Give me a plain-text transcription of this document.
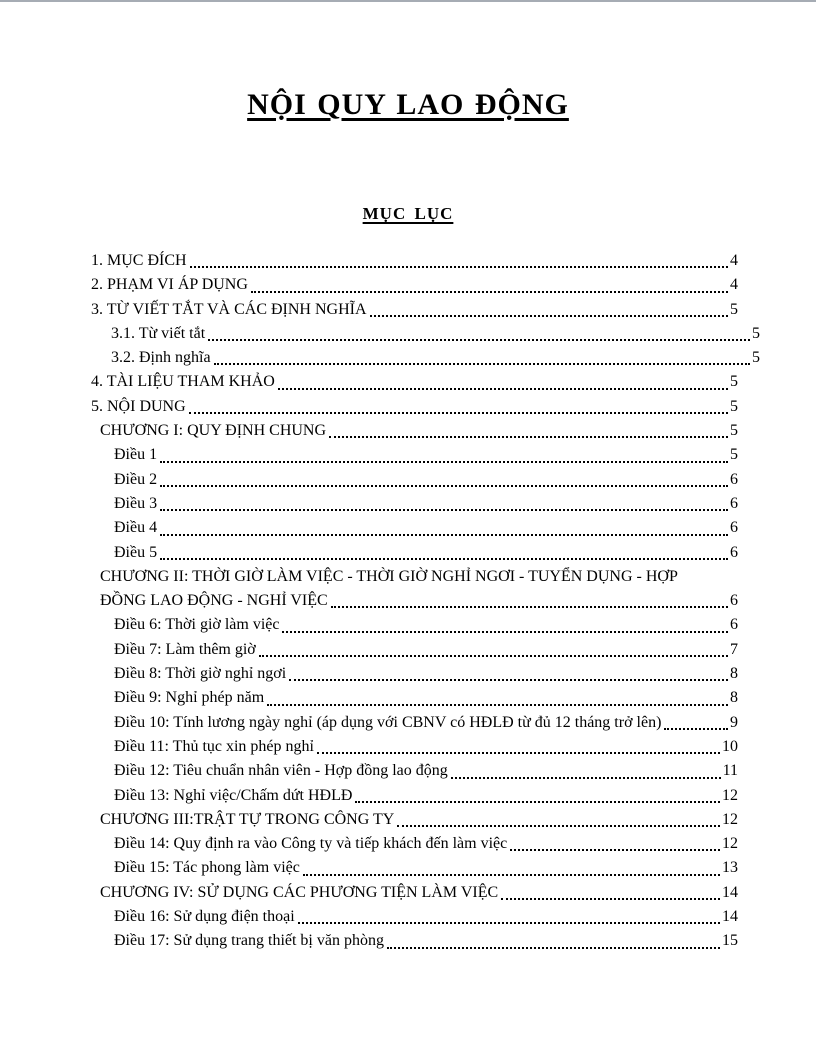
NỘI QUY LAO ĐỘNG
MỤC LỤC
1. MỤC ĐÍCH	4
2. PHẠM VI ÁP DỤNG	4
3. TỪ VIẾT TẮT VÀ CÁC ĐỊNH NGHĨA	5
3.1. Từ viết tắt	5
3.2. Định nghĩa	5
4. TÀI LIỆU THAM KHẢO	5
5. NỘI DUNG	5
CHƯƠNG I: QUY ĐỊNH CHUNG	5
Điều 1	5
Điều 2	6
Điều 3	6
Điều 4	6
Điều 5	6
CHƯƠNG II: THỜI GIỜ LÀM VIỆC - THỜI GIỜ NGHỈ NGƠI - TUYỂN DỤNG - HỢP
ĐỒNG LAO ĐỘNG - NGHỈ VIỆC	6
Điều 6: Thời giờ làm việc	6
Điều 7: Làm thêm giờ	7
Điều 8: Thời giờ nghỉ ngơi	8
Điều 9: Nghỉ phép năm	8
Điều 10: Tính lương ngày nghỉ (áp dụng với CBNV có HĐLĐ từ đủ 12 tháng trở lên)	9
Điều 11: Thủ tục xin phép nghỉ	10
Điều 12: Tiêu chuẩn nhân viên - Hợp đồng lao động	11
Điều 13: Nghỉ việc/Chấm dứt HĐLĐ	12
CHƯƠNG III:TRẬT TỰ TRONG CÔNG TY	12
Điều 14: Quy định ra vào Công ty và tiếp khách đến làm việc	12
Điều 15: Tác phong làm việc	13
CHƯƠNG IV: SỬ DỤNG CÁC PHƯƠNG TIỆN LÀM VIỆC	14
Điều 16: Sử dụng điện thoại	14
Điều 17: Sử dụng trang thiết bị văn phòng	15
